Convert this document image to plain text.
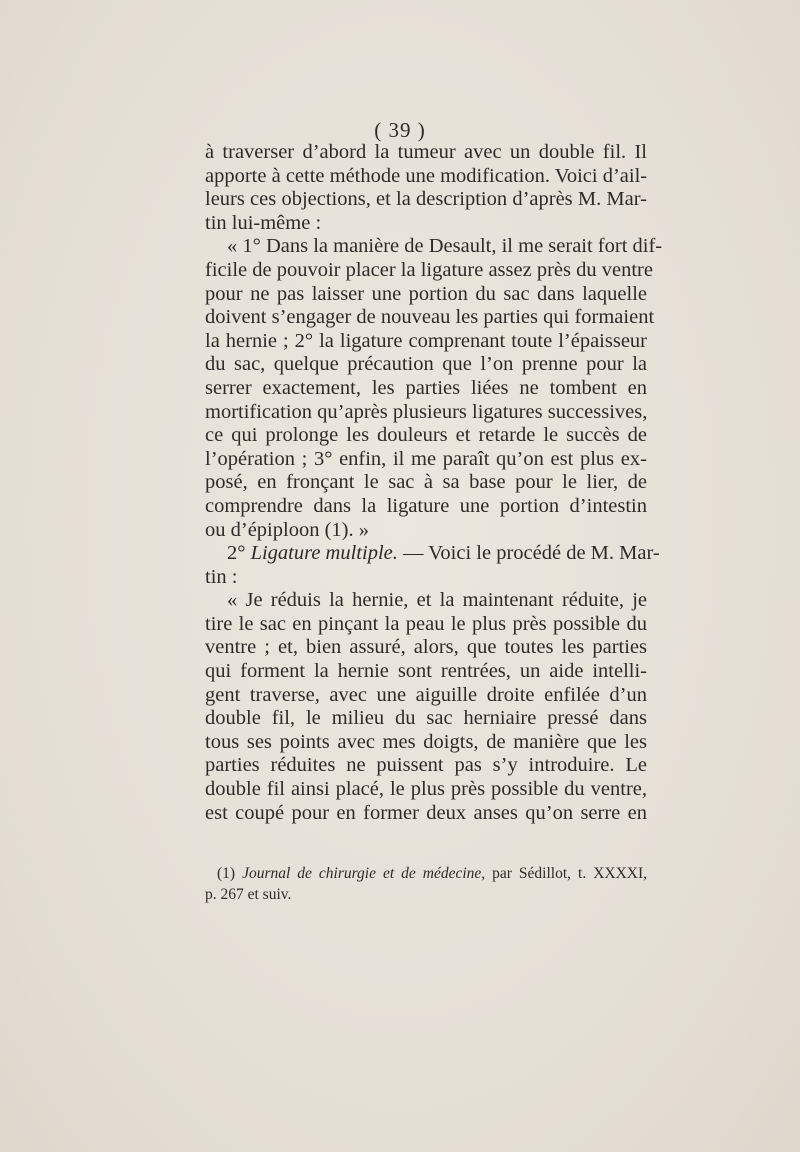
( 39 )
à traverser d’abord la tumeur avec un double fil. Il
apporte à cette méthode une modification. Voici d’ail-
leurs ces objections, et la description d’après M. Mar-
tin lui-même :
« 1° Dans la manière de Desault, il me serait fort dif-
ficile de pouvoir placer la ligature assez près du ventre
pour ne pas laisser une portion du sac dans laquelle
doivent s’engager de nouveau les parties qui formaient
la hernie ; 2° la ligature comprenant toute l’épaisseur
du sac, quelque précaution que l’on prenne pour la
serrer exactement, les parties liées ne tombent en
mortification qu’après plusieurs ligatures successives,
ce qui prolonge les douleurs et retarde le succès de
l’opération ; 3° enfin, il me paraît qu’on est plus ex-
posé, en fronçant le sac à sa base pour le lier, de
comprendre dans la ligature une portion d’intestin
ou d’épiploon (1). »
2° Ligature multiple. — Voici le procédé de M. Mar-
tin :
« Je réduis la hernie, et la maintenant réduite, je
tire le sac en pinçant la peau le plus près possible du
ventre ; et, bien assuré, alors, que toutes les parties
qui forment la hernie sont rentrées, un aide intelli-
gent traverse, avec une aiguille droite enfilée d’un
double fil, le milieu du sac herniaire pressé dans
tous ses points avec mes doigts, de manière que les
parties réduites ne puissent pas s’y introduire. Le
double fil ainsi placé, le plus près possible du ventre,
est coupé pour en former deux anses qu’on serre en
(1) Journal de chirurgie et de médecine, par Sédillot, t. XXXXI,
p. 267 et suiv.
